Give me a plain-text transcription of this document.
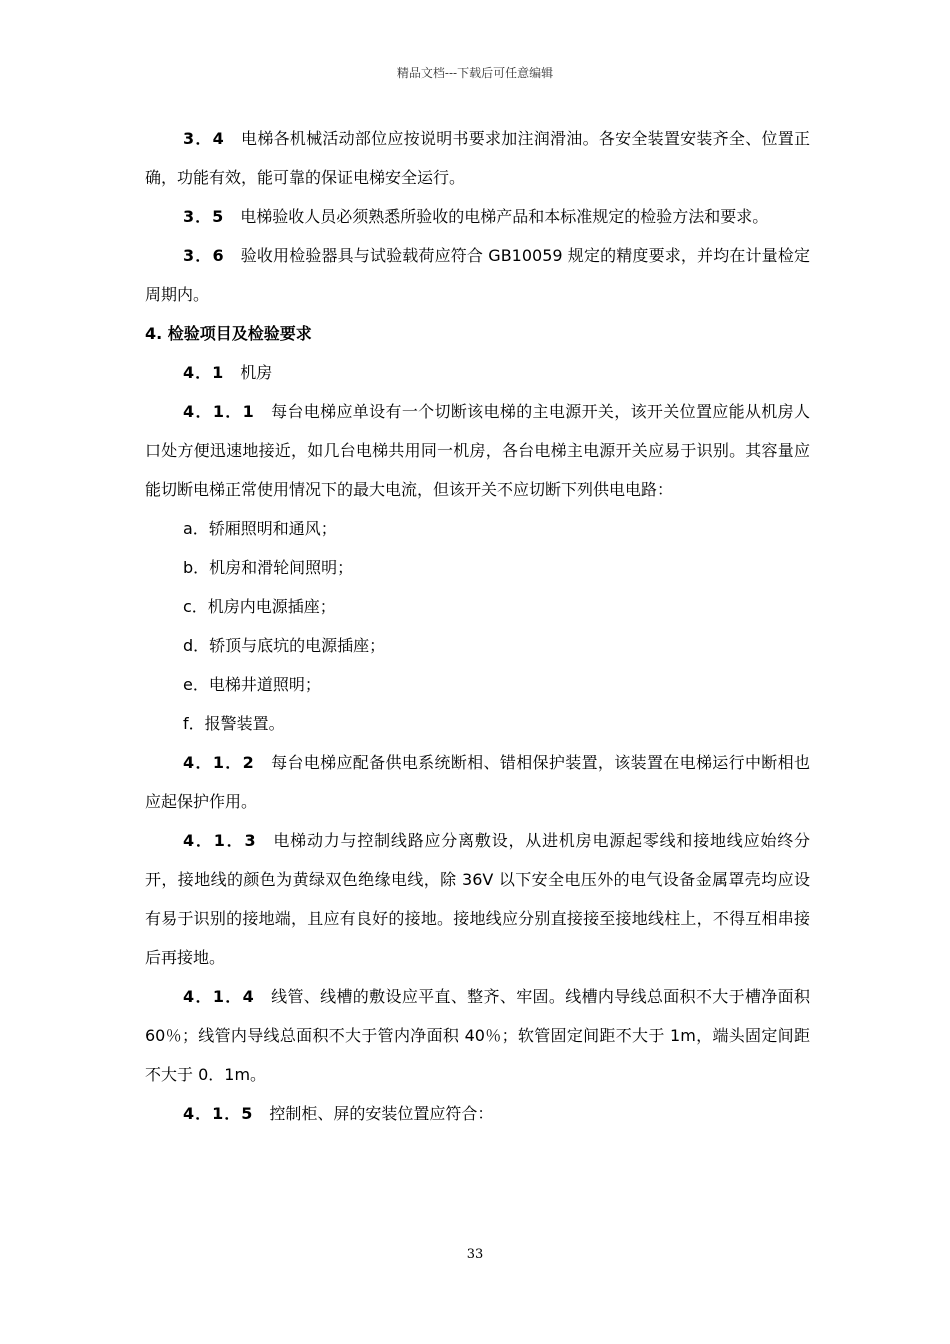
精品文档---下载后可任意编辑

3．4 电梯各机械活动部位应按说明书要求加注润滑油。各安全装置安装齐全、位置正确，功能有效，能可靠的保证电梯安全运行。

3．5 电梯验收人员必须熟悉所验收的电梯产品和本标准规定的检验方法和要求。

3．6 验收用检验器具与试验载荷应符合 GB10059 规定的精度要求，并均在计量检定周期内。

4. 检验项目及检验要求

4．1 机房

4．1．1 每台电梯应单设有一个切断该电梯的主电源开关，该开关位置应能从机房人口处方便迅速地接近，如几台电梯共用同一机房，各台电梯主电源开关应易于识别。其容量应能切断电梯正常使用情况下的最大电流，但该开关不应切断下列供电电路：

a．轿厢照明和通风；

b．机房和滑轮间照明；

c．机房内电源插座；

d．轿顶与底坑的电源插座；

e．电梯井道照明；

f．报警装置。

4．1．2 每台电梯应配备供电系统断相、错相保护装置，该装置在电梯运行中断相也应起保护作用。

4．1．3 电梯动力与控制线路应分离敷设，从进机房电源起零线和接地线应始终分开，接地线的颜色为黄绿双色绝缘电线，除 36V 以下安全电压外的电气设备金属罩壳均应设有易于识别的接地端，且应有良好的接地。接地线应分别直接接至接地线柱上，不得互相串接后再接地。

4．1．4 线管、线槽的敷设应平直、整齐、牢固。线槽内导线总面积不大于槽净面积 60％；线管内导线总面积不大于管内净面积 40％；软管固定间距不大于 1m，端头固定间距不大于 0．1m。

4．1．5 控制柜、屏的安装位置应符合：

33
